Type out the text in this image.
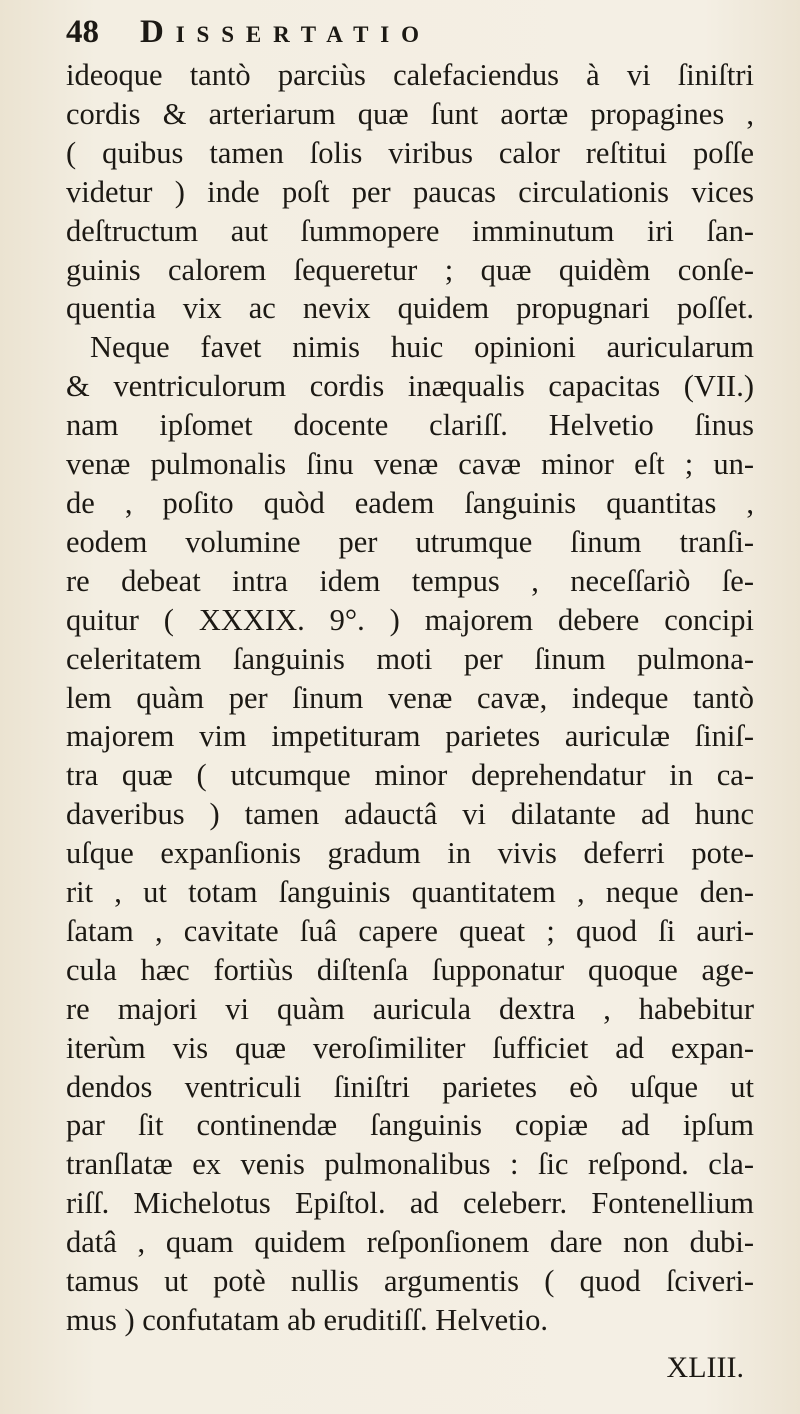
48	Dissertatio
ideoque tantò parciùs calefaciendus à vi ſiniſtri
cordis & arteriarum quæ ſunt aortæ propagines ,
( quibus tamen ſolis viribus calor reſtitui poſſe
videtur ) inde poſt per paucas circulationis vices
deſtructum aut ſummopere imminutum iri ſan-
guinis calorem ſequeretur ; quæ quidèm conſe-
quentia vix ac nevix quidem propugnari poſſet.
Neque favet nimis huic opinioni auricularum
& ventriculorum cordis inæqualis capacitas (VII.)
nam ipſomet docente clariſſ. Helvetio ſinus
venæ pulmonalis ſinu venæ cavæ minor eſt ; un-
de , poſito quòd eadem ſanguinis quantitas ,
eodem volumine per utrumque ſinum tranſi-
re debeat intra idem tempus , neceſſariò ſe-
quitur ( XXXIX. 9°. ) majorem debere concipi
celeritatem ſanguinis moti per ſinum pulmona-
lem quàm per ſinum venæ cavæ, indeque tantò
majorem vim impetituram parietes auriculæ ſiniſ-
tra quæ ( utcumque minor deprehendatur in ca-
daveribus ) tamen adauctâ vi dilatante ad hunc
uſque expanſionis gradum in vivis deferri pote-
rit , ut totam ſanguinis quantitatem , neque den-
ſatam , cavitate ſuâ capere queat ; quod ſi auri-
cula hæc fortiùs diſtenſa ſupponatur quoque age-
re majori vi quàm auricula dextra , habebitur
iterùm vis quæ veroſimiliter ſufficiet ad expan-
dendos ventriculi ſiniſtri parietes eò uſque ut
par ſit continendæ ſanguinis copiæ ad ipſum
tranſlatæ ex venis pulmonalibus : ſic reſpond. cla-
riſſ. Michelotus Epiſtol. ad celeberr. Fontenellium
datâ , quam quidem reſponſionem dare non dubi-
tamus ut potè nullis argumentis ( quod ſciveri-
mus ) confutatam ab eruditiſſ. Helvetio.
XLIII.
